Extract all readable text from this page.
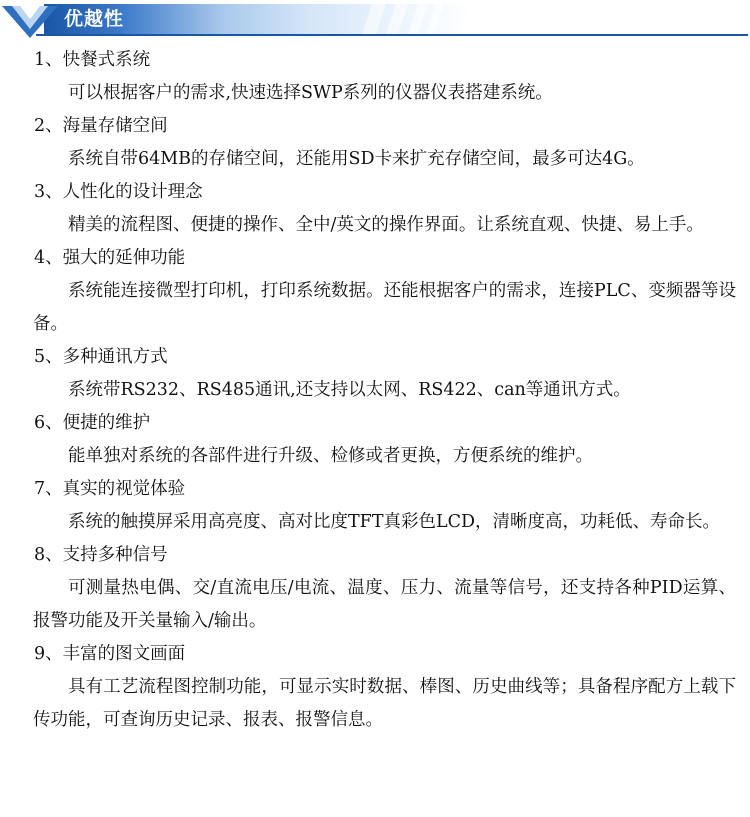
优越性
1、快餐式系统

可以根据客户的需求,快速选择SWP系列的仪器仪表搭建系统。

2、海量存储空间

系统自带64MB的存储空间，还能用SD卡来扩充存储空间，最多可达4G。

3、人性化的设计理念

精美的流程图、便捷的操作、全中/英文的操作界面。让系统直观、快捷、易上手。

4、强大的延伸功能

系统能连接微型打印机，打印系统数据。还能根据客户的需求，连接PLC、变频器等设备。

5、多种通讯方式

系统带RS232、RS485通讯,还支持以太网、RS422、can等通讯方式。

6、便捷的维护

能单独对系统的各部件进行升级、检修或者更换，方便系统的维护。

7、真实的视觉体验

系统的触摸屏采用高亮度、高对比度TFT真彩色LCD，清晰度高，功耗低、寿命长。

8、支持多种信号

可测量热电偶、交/直流电压/电流、温度、压力、流量等信号，还支持各种PID运算、报警功能及开关量输入/输出。

9、丰富的图文画面

具有工艺流程图控制功能，可显示实时数据、棒图、历史曲线等；具备程序配方上载下传功能，可查询历史记录、报表、报警信息。
